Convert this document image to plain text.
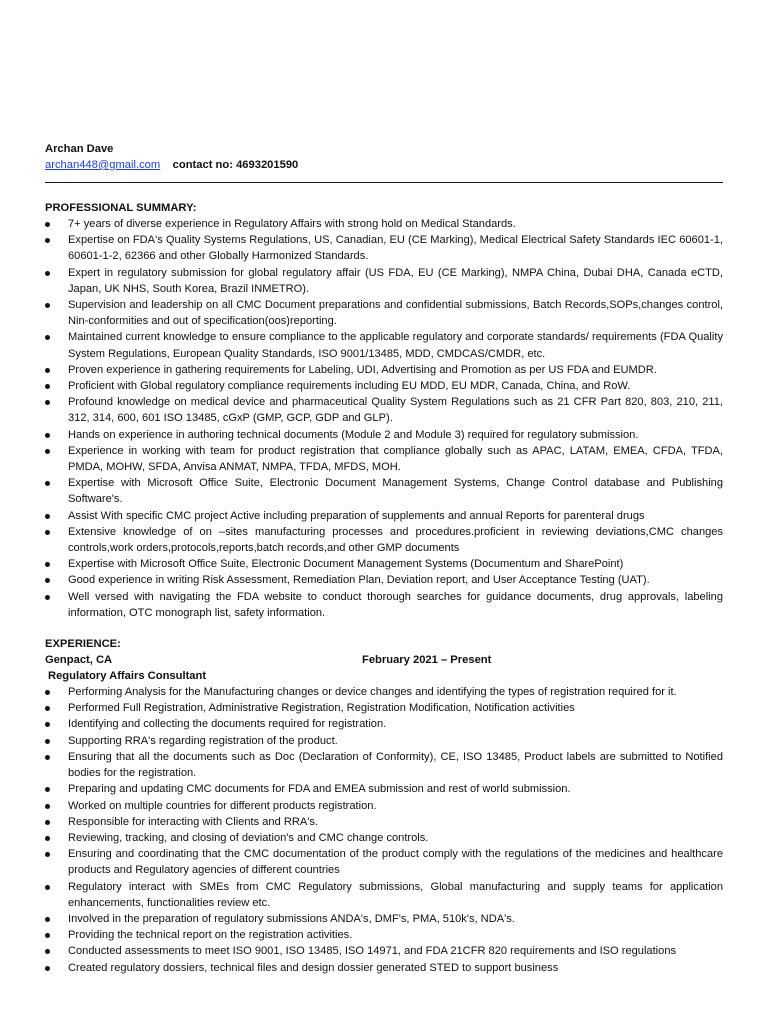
Archan Dave
archan448@gmail.com contact no: 4693201590
PROFESSIONAL SUMMARY:
7+ years of diverse experience in Regulatory Affairs with strong hold on Medical Standards.
Expertise on FDA's Quality Systems Regulations, US, Canadian, EU (CE Marking), Medical Electrical Safety Standards IEC 60601-1, 60601-1-2, 62366 and other Globally Harmonized Standards.
Expert in regulatory submission for global regulatory affair (US FDA, EU (CE Marking), NMPA China, Dubai DHA, Canada eCTD, Japan, UK NHS, South Korea, Brazil INMETRO).
Supervision and leadership on all CMC Document preparations and confidential submissions, Batch Records,SOPs,changes control, Nin-conformities and out of specification(oos)reporting.
Maintained current knowledge to ensure compliance to the applicable regulatory and corporate standards/ requirements (FDA Quality System Regulations, European Quality Standards, ISO 9001/13485, MDD, CMDCAS/CMDR, etc.
Proven experience in gathering requirements for Labeling, UDI, Advertising and Promotion as per US FDA and EUMDR.
Proficient with Global regulatory compliance requirements including EU MDD, EU MDR, Canada, China, and RoW.
Profound knowledge on medical device and pharmaceutical Quality System Regulations such as 21 CFR Part 820, 803, 210, 211, 312, 314, 600, 601 ISO 13485, cGxP (GMP, GCP, GDP and GLP).
Hands on experience in authoring technical documents (Module 2 and Module 3) required for regulatory submission.
Experience in working with team for product registration that compliance globally such as APAC, LATAM, EMEA, CFDA, TFDA, PMDA, MOHW, SFDA, Anvisa ANMAT, NMPA, TFDA, MFDS, MOH.
Expertise with Microsoft Office Suite, Electronic Document Management Systems, Change Control database and Publishing Software's.
Assist With specific CMC project Active including preparation of supplements and annual Reports for parenteral drugs
Extensive knowledge of on –sites manufacturing processes and procedures.proficient in reviewing deviations,CMC changes controls,work orders,protocols,reports,batch records,and other GMP documents
Expertise with Microsoft Office Suite, Electronic Document Management Systems (Documentum and SharePoint)
Good experience in writing Risk Assessment, Remediation Plan, Deviation report, and User Acceptance Testing (UAT).
Well versed with navigating the FDA website to conduct thorough searches for guidance documents, drug approvals, labeling information, OTC monograph list, safety information.
EXPERIENCE:
Genpact, CA	February 2021 – Present
Regulatory Affairs Consultant
Performing Analysis for the Manufacturing changes or device changes and identifying the types of registration required for it.
Performed Full Registration, Administrative Registration, Registration Modification, Notification activities
Identifying and collecting the documents required for registration.
Supporting RRA's regarding registration of the product.
Ensuring that all the documents such as Doc (Declaration of Conformity), CE, ISO 13485, Product labels are submitted to Notified bodies for the registration.
Preparing and updating CMC documents for FDA and EMEA submission and rest of world submission.
Worked on multiple countries for different products registration.
Responsible for interacting with Clients and RRA's.
Reviewing, tracking, and closing of deviation's and CMC change controls.
Ensuring and coordinating that the CMC documentation of the product comply with the regulations of the medicines and healthcare products and Regulatory agencies of different countries
Regulatory interact with SMEs from CMC Regulatory submissions, Global manufacturing and supply teams for application enhancements, functionalities review etc.
Involved in the preparation of regulatory submissions ANDA's, DMF's, PMA, 510k's, NDA's.
Providing the technical report on the registration activities.
Conducted assessments to meet ISO 9001, ISO 13485, ISO 14971, and FDA 21CFR 820 requirements and ISO regulations
Created regulatory dossiers, technical files and design dossier generated STED to support business
